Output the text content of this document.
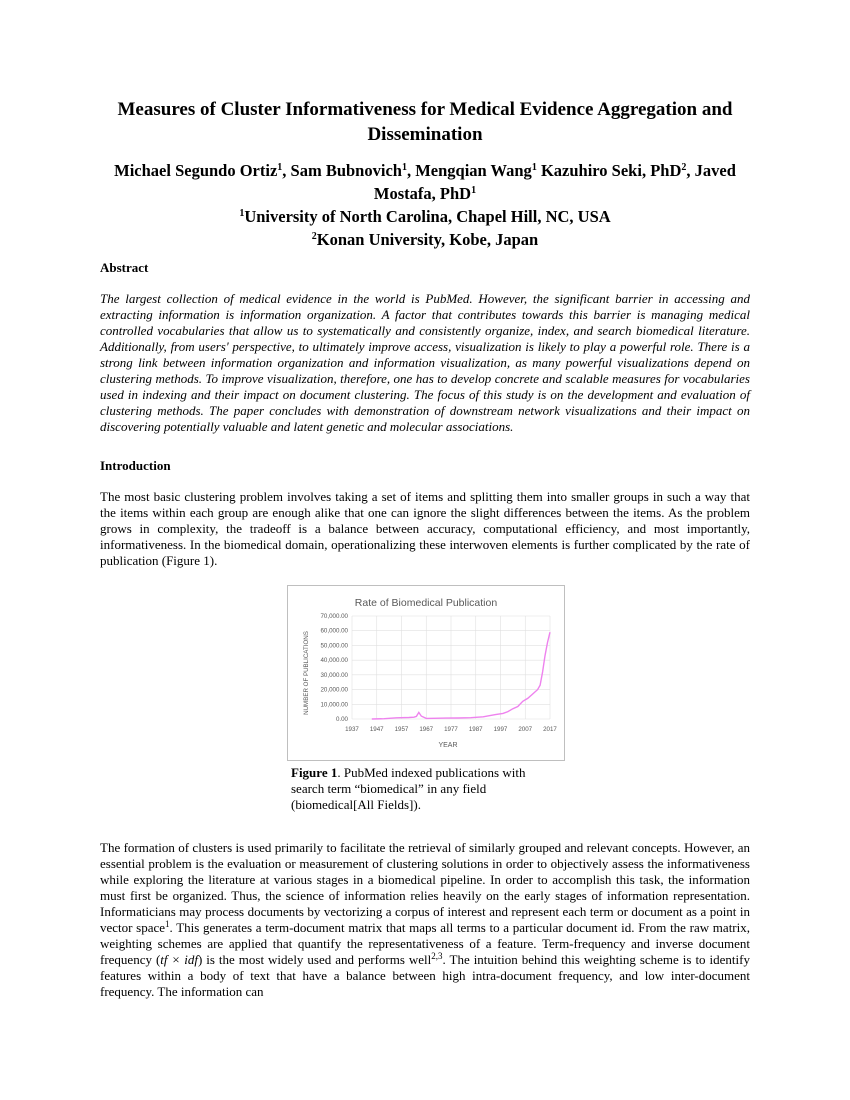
Measures of Cluster Informativeness for Medical Evidence Aggregation and Dissemination
Michael Segundo Ortiz$^1$, Sam Bubnovich$^1$, Mengqian Wang$^1$ Kazuhiro Seki, PhD$^2$, Javed Mostafa, PhD$^1$
$^1$University of North Carolina, Chapel Hill, NC, USA
$^2$Konan University, Kobe, Japan
Abstract
The largest collection of medical evidence in the world is PubMed. However, the significant barrier in accessing and extracting information is information organization. A factor that contributes towards this barrier is managing medical controlled vocabularies that allow us to systematically and consistently organize, index, and search biomedical literature. Additionally, from users' perspective, to ultimately improve access, visualization is likely to play a powerful role. There is a strong link between information organization and information visualization, as many powerful visualizations depend on clustering methods. To improve visualization, therefore, one has to develop concrete and scalable measures for vocabularies used in indexing and their impact on document clustering. The focus of this study is on the development and evaluation of clustering methods. The paper concludes with demonstration of downstream network visualizations and their impact on discovering potentially valuable and latent genetic and molecular associations.
Introduction
The most basic clustering problem involves taking a set of items and splitting them into smaller groups in such a way that the items within each group are enough alike that one can ignore the slight differences between the items. As the problem grows in complexity, the tradeoff is a balance between accuracy, computational efficiency, and most importantly, informativeness. In the biomedical domain, operationalizing these interwoven elements is further complicated by the rate of publication (Figure 1).
Rate of Biomedical Publication
0.00
10,000.00
20,000.00
30,000.00
40,000.00
50,000.00
60,000.00
70,000.00
1937 1947 1957 1967 1977 1987 1997 2007 2017
NUMBER OF PUBLICATIONS
YEAR
Figure 1. PubMed indexed publications with search term “biomedical” in any field (biomedical[All Fields]).
The formation of clusters is used primarily to facilitate the retrieval of similarly grouped and relevant concepts. However, an essential problem is the evaluation or measurement of clustering solutions in order to objectively assess the informativeness while exploring the literature at various stages in a biomedical pipeline. In order to accomplish this task, the information must first be organized. Thus, the science of information relies heavily on the early stages of information representation. Informaticians may process documents by vectorizing a corpus of interest and represent each term or document as a point in vector space$^1$. This generates a term-document matrix that maps all terms to a particular document id. From the raw matrix, weighting schemes are applied that quantify the representativeness of a feature. Term-frequency and inverse document frequency (tf × idf) is the most widely used and performs well$^{2,3}$. The intuition behind this weighting scheme is to identify features within a body of text that have a balance between high intra-document frequency, and low inter-document frequency. The information can
